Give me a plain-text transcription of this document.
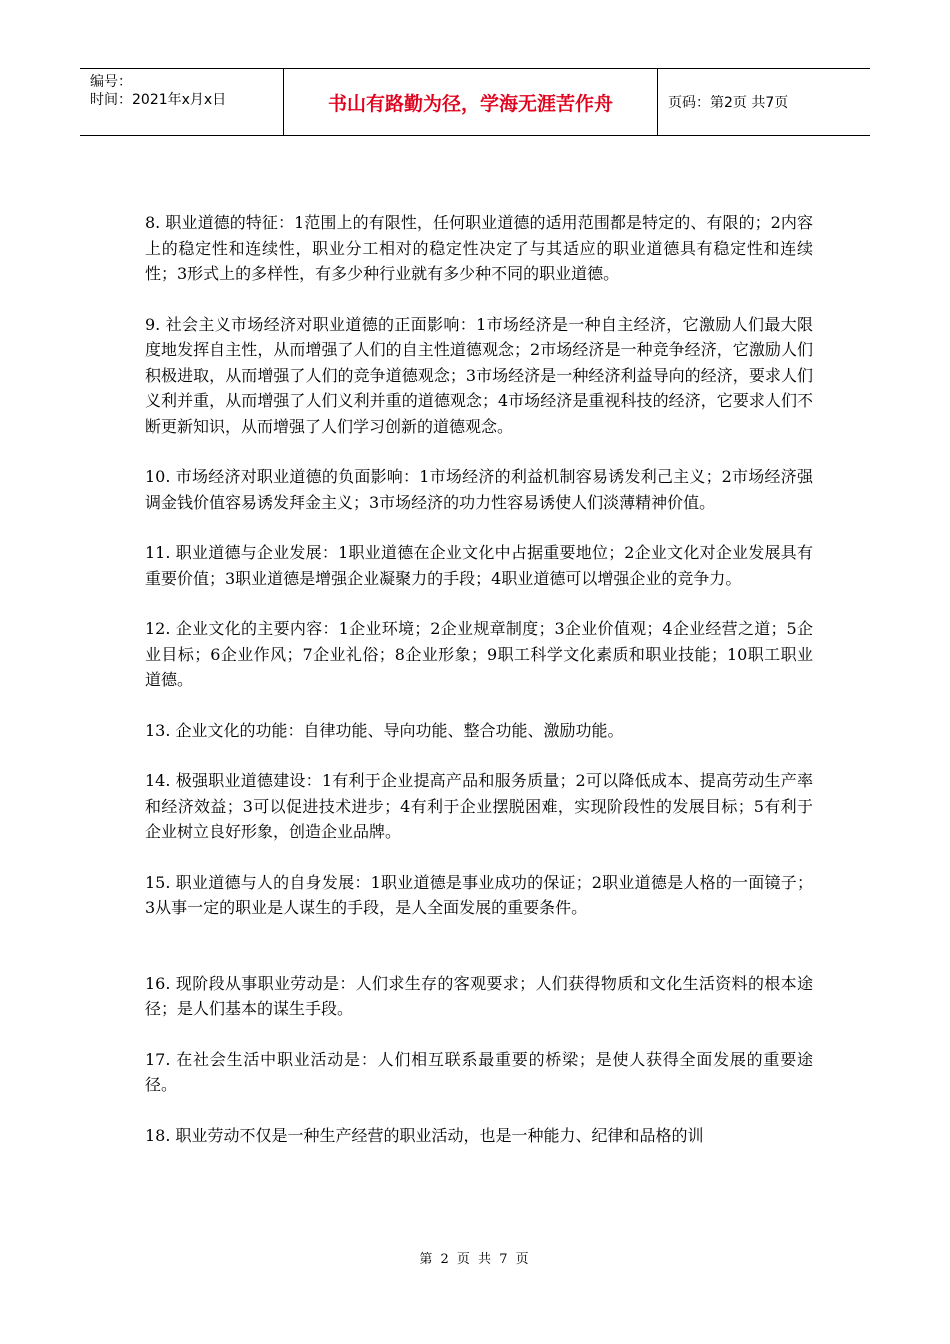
编号：
时间：2021年x月x日	书山有路勤为径，学海无涯苦作舟	页码：第2页 共7页

8. 职业道德的特征：1范围上的有限性，任何职业道德的适用范围都是特定的、有限的；2内容上的稳定性和连续性，职业分工相对的稳定性决定了与其适应的职业道德具有稳定性和连续性；3形式上的多样性，有多少种行业就有多少种不同的职业道德。

9. 社会主义市场经济对职业道德的正面影响：1市场经济是一种自主经济，它激励人们最大限度地发挥自主性，从而增强了人们的自主性道德观念；2市场经济是一种竞争经济，它激励人们积极进取，从而增强了人们的竞争道德观念；3市场经济是一种经济利益导向的经济，要求人们义利并重，从而增强了人们义利并重的道德观念；4市场经济是重视科技的经济，它要求人们不断更新知识，从而增强了人们学习创新的道德观念。

10. 市场经济对职业道德的负面影响：1市场经济的利益机制容易诱发利己主义；2市场经济强调金钱价值容易诱发拜金主义；3市场经济的功力性容易诱使人们淡薄精神价值。

11. 职业道德与企业发展：1职业道德在企业文化中占据重要地位；2企业文化对企业发展具有重要价值；3职业道德是增强企业凝聚力的手段；4职业道德可以增强企业的竞争力。

12. 企业文化的主要内容：1企业环境；2企业规章制度；3企业价值观；4企业经营之道；5企业目标；6企业作风；7企业礼俗；8企业形象；9职工科学文化素质和职业技能；10职工职业道德。

13. 企业文化的功能：自律功能、导向功能、整合功能、激励功能。

14. 极强职业道德建设：1有利于企业提高产品和服务质量；2可以降低成本、提高劳动生产率和经济效益；3可以促进技术进步；4有利于企业摆脱困难，实现阶段性的发展目标；5有利于企业树立良好形象，创造企业品牌。

15. 职业道德与人的自身发展：1职业道德是事业成功的保证；2职业道德是人格的一面镜子；3从事一定的职业是人谋生的手段，是人全面发展的重要条件。

16. 现阶段从事职业劳动是：人们求生存的客观要求；人们获得物质和文化生活资料的根本途径；是人们基本的谋生手段。

17. 在社会生活中职业活动是：人们相互联系最重要的桥梁；是使人获得全面发展的重要途径。

18. 职业劳动不仅是一种生产经营的职业活动，也是一种能力、纪律和品格的训

第 2 页 共 7 页
